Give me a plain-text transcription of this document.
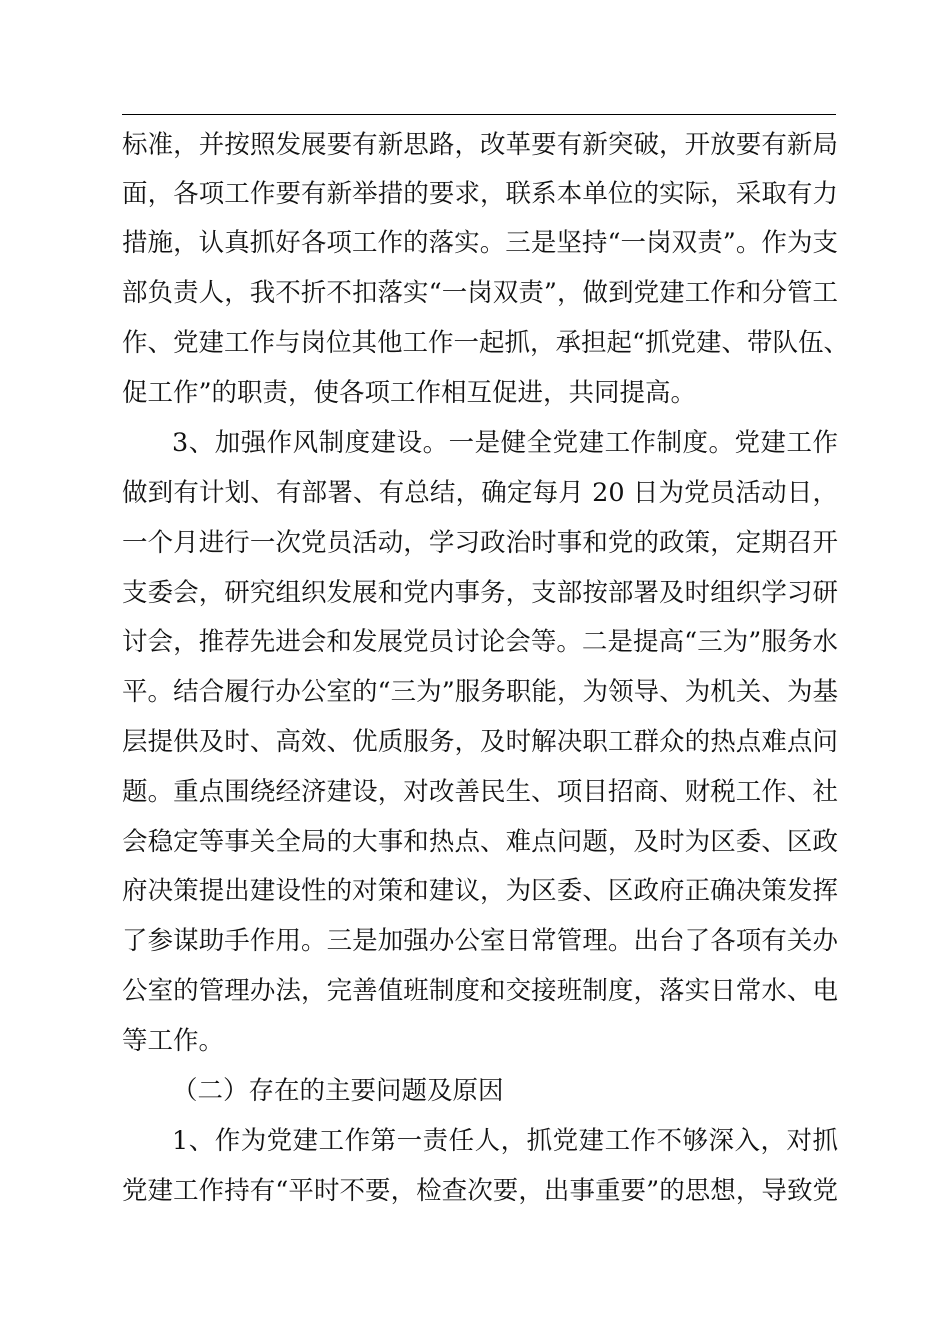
标准，并按照发展要有新思路，改革要有新突破，开放要有新局
面，各项工作要有新举措的要求，联系本单位的实际，采取有力
措施，认真抓好各项工作的落实。三是坚持“一岗双责”。作为支
部负责人，我不折不扣落实“一岗双责”，做到党建工作和分管工
作、党建工作与岗位其他工作一起抓，承担起“抓党建、带队伍、
促工作”的职责，使各项工作相互促进，共同提高。
3、加强作风制度建设。一是健全党建工作制度。党建工作
做到有计划、有部署、有总结，确定每月 20 日为党员活动日，
一个月进行一次党员活动，学习政治时事和党的政策，定期召开
支委会，研究组织发展和党内事务，支部按部署及时组织学习研
讨会，推荐先进会和发展党员讨论会等。二是提高“三为”服务水
平。结合履行办公室的“三为”服务职能，为领导、为机关、为基
层提供及时、高效、优质服务，及时解决职工群众的热点难点问
题。重点围绕经济建设，对改善民生、项目招商、财税工作、社
会稳定等事关全局的大事和热点、难点问题，及时为区委、区政
府决策提出建设性的对策和建议，为区委、区政府正确决策发挥
了参谋助手作用。三是加强办公室日常管理。出台了各项有关办
公室的管理办法，完善值班制度和交接班制度，落实日常水、电
等工作。
（二）存在的主要问题及原因
1、作为党建工作第一责任人，抓党建工作不够深入，对抓
党建工作持有“平时不要，检查次要，出事重要”的思想，导致党
